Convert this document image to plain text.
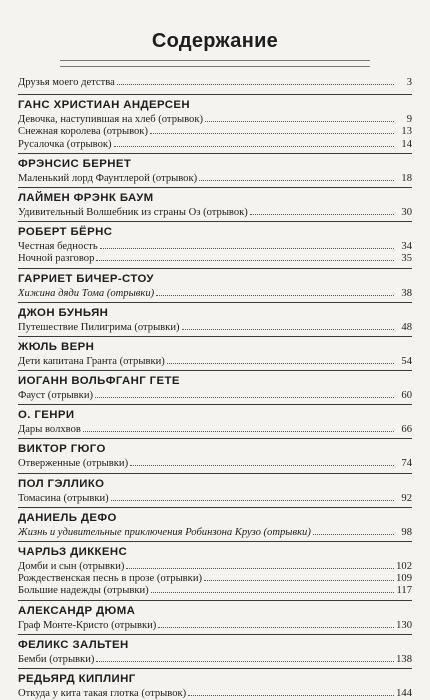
Содержание
Друзья моего детства	3
ГАНС ХРИСТИАН АНДЕРСЕН
Девочка, наступившая на хлеб (отрывок)	9
Снежная королева (отрывок)	13
Русалочка (отрывок)	14
ФРЭНСИС БЕРНЕТ
Маленький лорд Фаунтлерой (отрывок)	18
ЛАЙМЕН ФРЭНК БАУМ
Удивительный Волшебник из страны Оз (отрывок)	30
РОБЕРТ БЁРНС
Честная бедность	34
Ночной разговор	35
ГАРРИЕТ БИЧЕР-СТОУ
Хижина дяди Тома (отрывки)	38
ДЖОН БУНЬЯН
Путешествие Пилигрима (отрывки)	48
ЖЮЛЬ ВЕРН
Дети капитана Гранта (отрывки)	54
ИОГАНН ВОЛЬФГАНГ ГЕТЕ
Фауст (отрывки)	60
О. ГЕНРИ
Дары волхвов	66
ВИКТОР ГЮГО
Отверженные (отрывки)	74
ПОЛ ГЭЛЛИКО
Томасина (отрывки)	92
ДАНИЕЛЬ ДЕФО
Жизнь и удивительные приключения Робинзона Крузо (отрывки)	98
ЧАРЛЬЗ ДИККЕНС
Домби и сын (отрывки)	102
Рождественская песнь в прозе (отрывки)	109
Большие надежды (отрывки)	117
АЛЕКСАНДР ДЮМА
Граф Монте-Кристо (отрывки)	130
ФЕЛИКС ЗАЛЬТЕН
Бемби (отрывки)	138
РЕДЬЯРД КИПЛИНГ
Откуда у кита такая глотка (отрывок)	144
